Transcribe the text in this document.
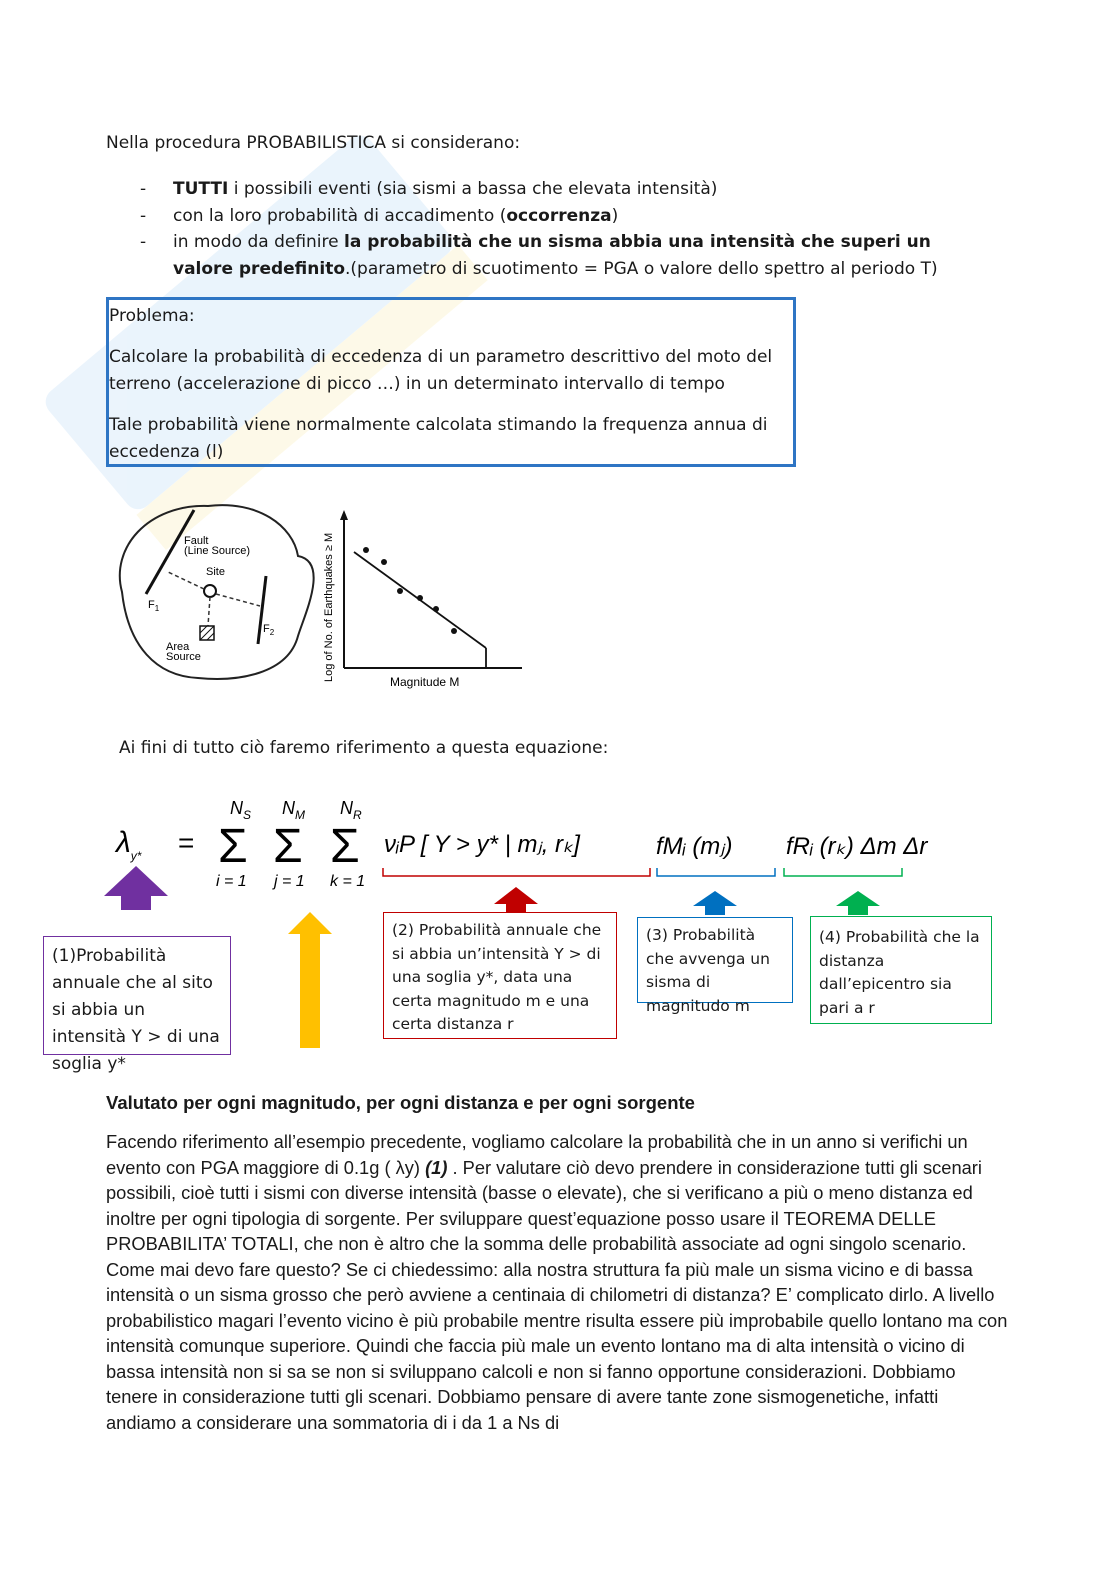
Nella procedura PROBABILISTICA si considerano:
- TUTTI i possibili eventi (sia sismi a bassa che elevata intensità)
- con la loro probabilità di accadimento (occorrenza)
- in modo da definire la probabilità che un sisma abbia una intensità che superi un valore predefinito.(parametro di scuotimento = PGA o valore dello spettro al periodo T)

Problema:

Calcolare la probabilità di eccedenza di un parametro descrittivo del moto del terreno (accelerazione di picco …) in un determinato intervallo di tempo

Tale probabilità viene normalmente calcolata stimando la frequenza annua di eccedenza (l)

Fault
(Line Source)
Site
$F_1$
$F_2$
Area
Source	Log of No. of Earthquakes ≥ M	Magnitude M
Ai fini di tutto ciò faremo riferimento a questa equazione:
$\lambda_{y*} = \Sigma$ Σ Σ
$N_S$ $N_M$ $N_R$
i = 1 j = 1 k = 1
νᵢP [ Y > y* | mⱼ, rₖ]	fMᵢ (mⱼ) fRᵢ (rₖ) Δm Δr
(1)Probabilità annuale che al sito si abbia un intensità Y > di una soglia y*
(2) Probabilità annuale che si abbia un’intensità Y > di una soglia y*, data una certa magnitudo m e una certa distanza r
(3) Probabilità che avvenga un sisma di magnitudo m
(4) Probabilità che la distanza dall’epicentro sia pari a r
Valutato per ogni magnitudo, per ogni distanza e per ogni sorgente

Facendo riferimento all’esempio precedente, vogliamo calcolare la probabilità che in un anno si verifichi un evento con PGA maggiore di 0.1g ( λy) (1) . Per valutare ciò devo prendere in considerazione tutti gli scenari possibili, cioè tutti i sismi con diverse intensità (basse o elevate), che si verificano a più o meno distanza ed inoltre per ogni tipologia di sorgente. Per sviluppare quest’equazione posso usare il TEOREMA DELLE PROBABILITA’ TOTALI, che non è altro che la somma delle probabilità associate ad ogni singolo scenario. Come mai devo fare questo? Se ci chiedessimo: alla nostra struttura fa più male un sisma vicino e di bassa intensità o un sisma grosso che però avviene a centinaia di chilometri di distanza? E’ complicato dirlo. A livello probabilistico magari l’evento vicino è più probabile mentre risulta essere più improbabile quello lontano ma con intensità comunque superiore. Quindi che faccia più male un evento lontano ma di alta intensità o vicino di bassa intensità non si sa se non si sviluppano calcoli e non si fanno opportune considerazioni. Dobbiamo tenere in considerazione tutti gli scenari. Dobbiamo pensare di avere tante zone sismogenetiche, infatti andiamo a considerare una sommatoria di i da 1 a Ns di
